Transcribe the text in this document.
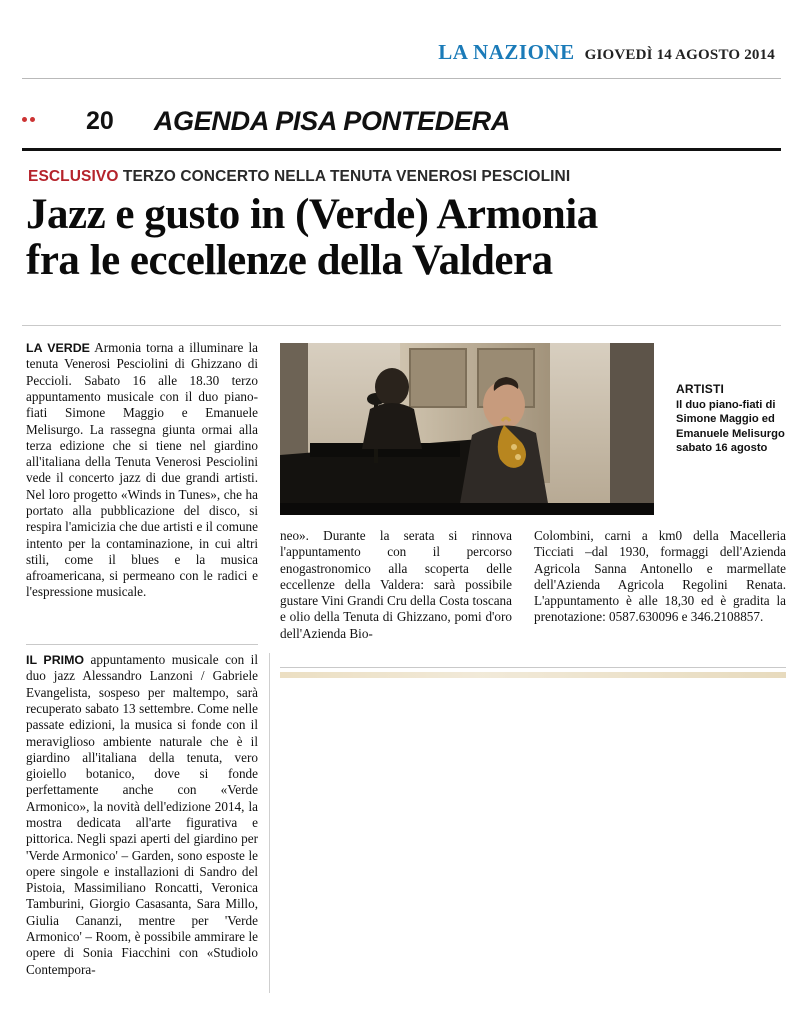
LA NAZIONE GIOVEDÌ 14 AGOSTO 2014
20 AGENDA PISA PONTEDERA
ESCLUSIVO TERZO CONCERTO NELLA TENUTA VENEROSI PESCIOLINI
Jazz e gusto in (Verde) Armonia
fra le eccellenze della Valdera
LA VERDE Armonia torna a illuminare la tenuta Venerosi Pesciolini di Ghizzano di Peccioli. Sabato 16 alle 18.30 terzo appuntamento musicale con il duo piano-fiati Simone Maggio e Emanuele Melisurgo. La rassegna giunta ormai alla terza edizione che si tiene nel giardino all'italiana della Tenuta Venerosi Pesciolini vede il concerto jazz di due grandi artisti. Nel loro progetto «Winds in Tunes», che ha portato alla pubblicazione del disco, si respira l'amicizia che due artisti e il comune intento per la contaminazione, in cui altri stili, come il blues e la musica afroamericana, si permeano con le radici e l'espressione musicale.
IL PRIMO appuntamento musicale con il duo jazz Alessandro Lanzoni / Gabriele Evangelista, sospeso per maltempo, sarà recuperato sabato 13 settembre. Come nelle passate edizioni, la musica si fonde con il meraviglioso ambiente naturale che è il giardino all'italiana della tenuta, vero gioiello botanico, dove si fonde perfettamente anche con «Verde Armonico», la novità dell'edizione 2014, la mostra dedicata all'arte figurativa e pittorica. Negli spazi aperti del giardino per 'Verde Armonico' – Garden, sono esposte le opere singole e installazioni di Sandro del Pistoia, Massimiliano Roncatti, Veronica Tamburini, Giorgio Casasanta, Sara Millo, Giulia Cananzi, mentre per 'Verde Armonico' – Room, è possibile ammirare le opere di Sonia Fiacchini con «Studiolo Contempora-
ARTISTI
Il duo piano-fiati di Simone Maggio ed Emanuele Melisurgo sabato 16 agosto
neo». Durante la serata si rinnova l'appuntamento con il percorso enogastronomico alla scoperta delle eccellenze della Valdera: sarà possibile gustare Vini Grandi Cru della Costa toscana e olio della Tenuta di Ghizzano, pomi d'oro dell'Azienda Bio-
Colombini, carni a km0 della Macelleria Ticciati –dal 1930, formaggi dell'Azienda Agricola Sanna Antonello e marmellate dell'Azienda Agricola Regolini Renata. L'appuntamento è alle 18,30 ed è gradita la prenotazione: 0587.630096 e 346.2108857.
